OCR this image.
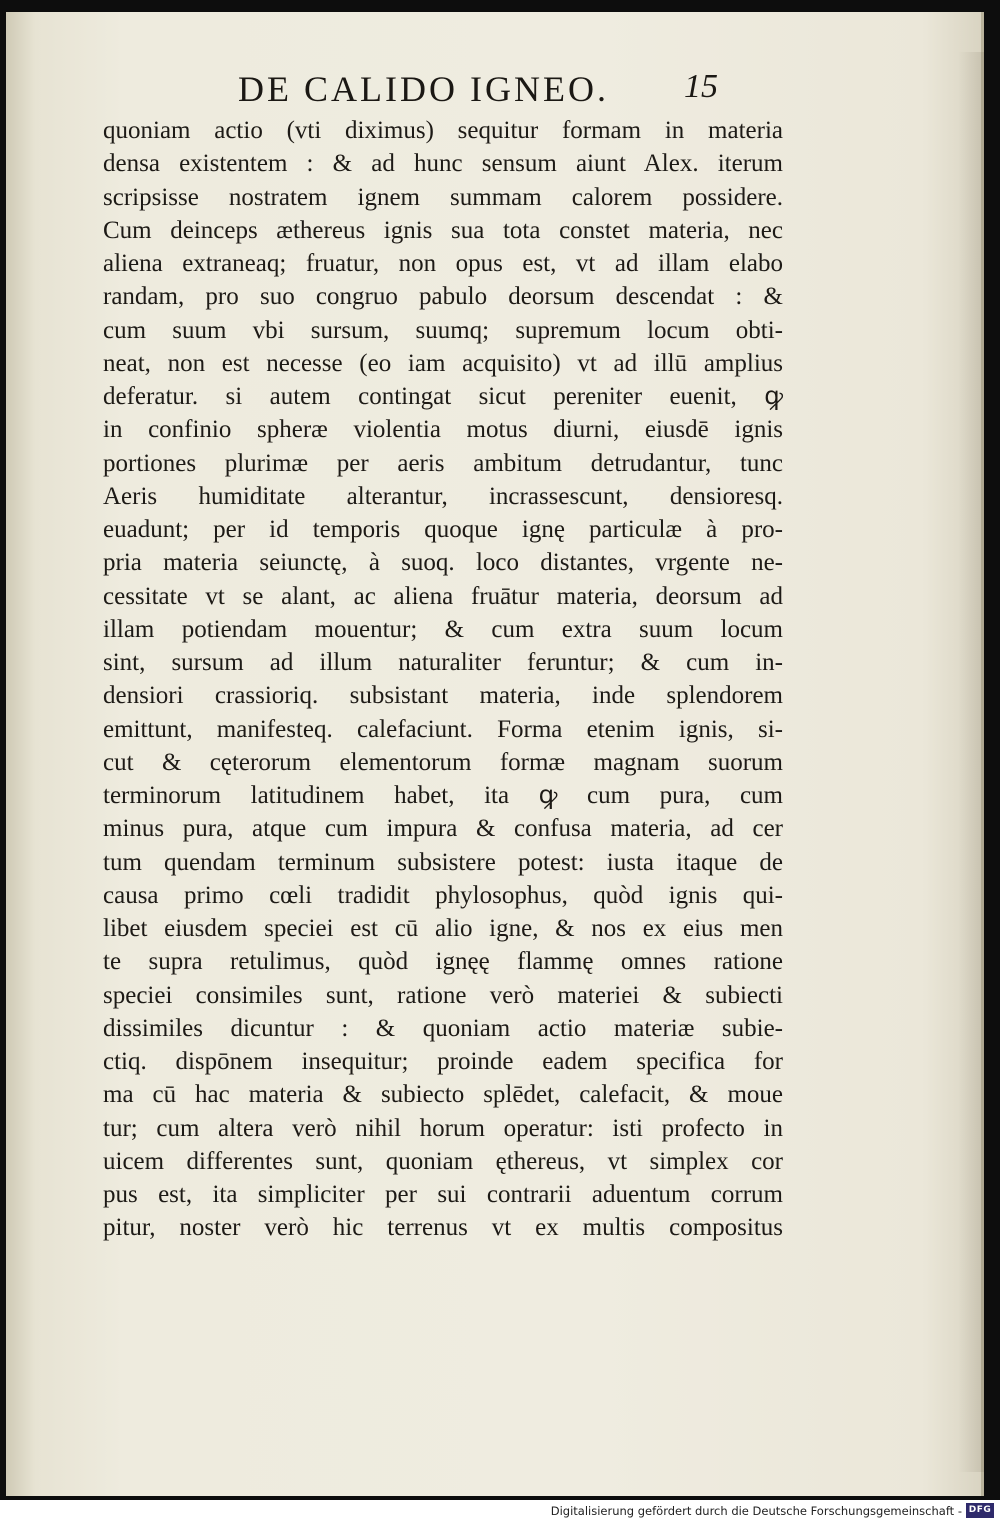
DE CALIDO IGNEO.	15
quoniam actio (vti diximus) sequitur formam in materia
densa existentem : & ad hunc sensum aiunt Alex. iterum
scripsisse nostratem ignem summam calorem possidere.
Cum deinceps æthereus ignis sua tota constet materia, nec
aliena extraneaq; fruatur, non opus est, vt ad illam elabo
randam, pro suo congruo pabulo deorsum descendat : &
cum suum vbi sursum, suumq; supremum locum obti-
neat, non est necesse (eo iam acquisito) vt ad illū amplius
deferatur. si autem contingat sicut pereniter euenit, ꝙ
in confinio spheræ violentia motus diurni, eiusdē ignis
portiones plurimæ per aeris ambitum detrudantur, tunc
Aeris humiditate alterantur, incrassescunt, densioresq.
euadunt; per id temporis quoque ignę particulæ à pro-
pria materia seiunctę, à suoq. loco distantes, vrgente ne-
cessitate vt se alant, ac aliena fruātur materia, deorsum ad
illam potiendam mouentur; & cum extra suum locum
sint, sursum ad illum naturaliter feruntur; & cum in-
densiori crassioriq. subsistant materia, inde splendorem
emittunt, manifesteq. calefaciunt. Forma etenim ignis, si-
cut & cęterorum elementorum formæ magnam suorum
terminorum latitudinem habet, ita ꝙ cum pura, cum
minus pura, atque cum impura & confusa materia, ad cer
tum quendam terminum subsistere potest: iusta itaque de
causa primo cœli tradidit phylosophus, quòd ignis qui-
libet eiusdem speciei est cū alio igne, & nos ex eius men
te supra retulimus, quòd ignęę flammę omnes ratione
speciei consimiles sunt, ratione verò materiei & subiecti
dissimiles dicuntur : & quoniam actio materiæ subie-
ctiq. dispōnem insequitur; proinde eadem specifica for
ma cū hac materia & subiecto splēdet, calefacit, & moue
tur; cum altera verò nihil horum operatur: isti profecto in
uicem differentes sunt, quoniam ęthereus, vt simplex cor
pus est, ita simpliciter per sui contrarii aduentum corrum
pitur, noster verò hic terrenus vt ex multis compositus
Digitalisierung gefördert durch die Deutsche Forschungsgemeinschaft - DFG
